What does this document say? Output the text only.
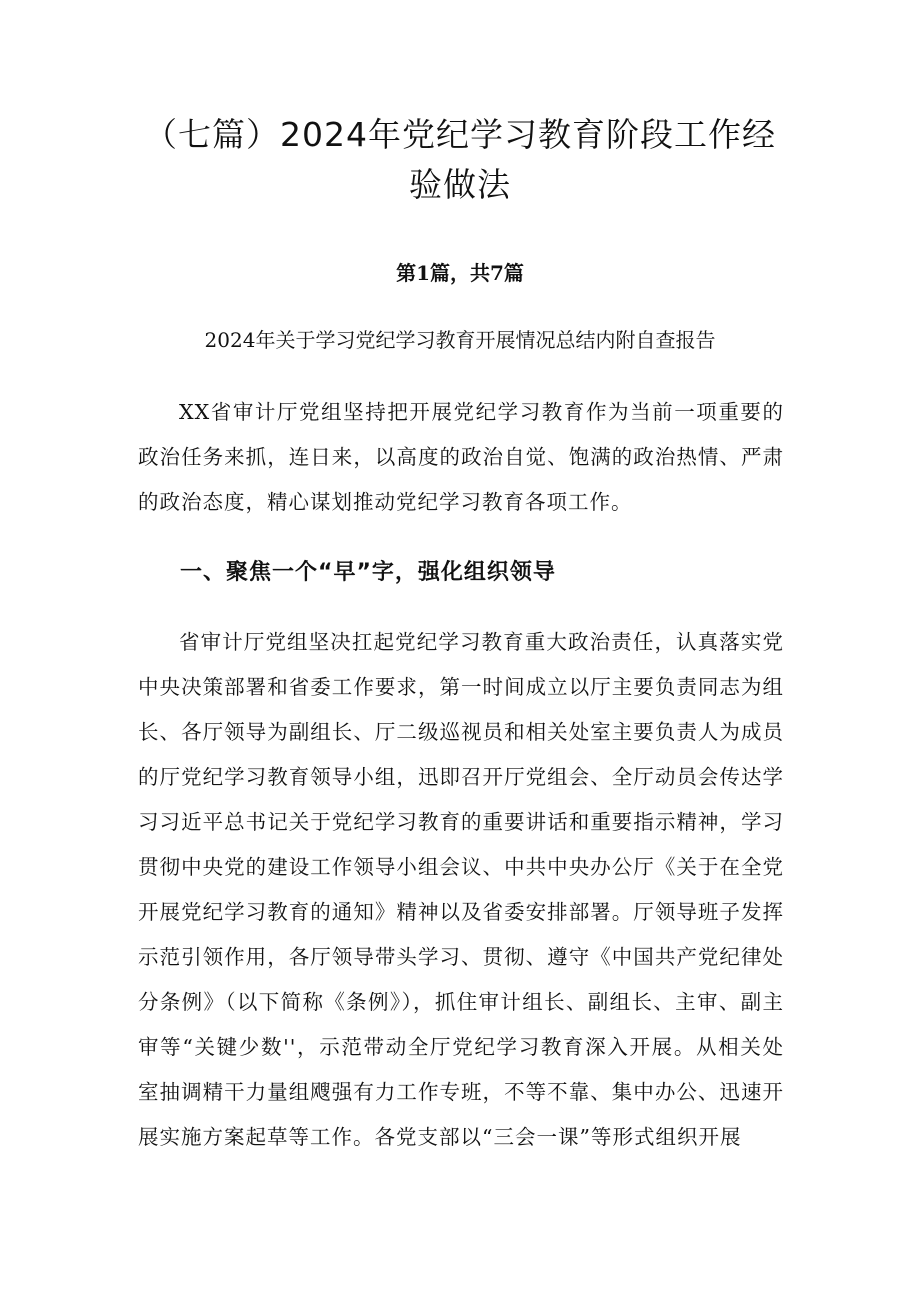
（七篇）2024年党纪学习教育阶段工作经
验做法

第1篇，共7篇

2024年关于学习党纪学习教育开展情况总结内附自查报告

XX省审计厅党组坚持把开展党纪学习教育作为当前一项重要的政治任务来抓，连日来，以高度的政治自觉、饱满的政治热情、严肃的政治态度，精心谋划推动党纪学习教育各项工作。

一、聚焦一个“早”字，强化组织领导

省审计厅党组坚决扛起党纪学习教育重大政治责任，认真落实党中央决策部署和省委工作要求，第一时间成立以厅主要负责同志为组长、各厅领导为副组长、厅二级巡视员和相关处室主要负责人为成员的厅党纪学习教育领导小组，迅即召开厅党组会、全厅动员会传达学习习近平总书记关于党纪学习教育的重要讲话和重要指示精神，学习贯彻中央党的建设工作领导小组会议、中共中央办公厅《关于在全党开展党纪学习教育的通知》精神以及省委安排部署。厅领导班子发挥示范引领作用，各厅领导带头学习、贯彻、遵守《中国共产党纪律处分条例》（以下简称《条例》），抓住审计组长、副组长、主审、副主审等“关键少数''，示范带动全厅党纪学习教育深入开展。从相关处室抽调精干力量组飕强有力工作专班，不等不靠、集中办公、迅速开展实施方案起草等工作。各党支部以“三会一课”等形式组织开展
